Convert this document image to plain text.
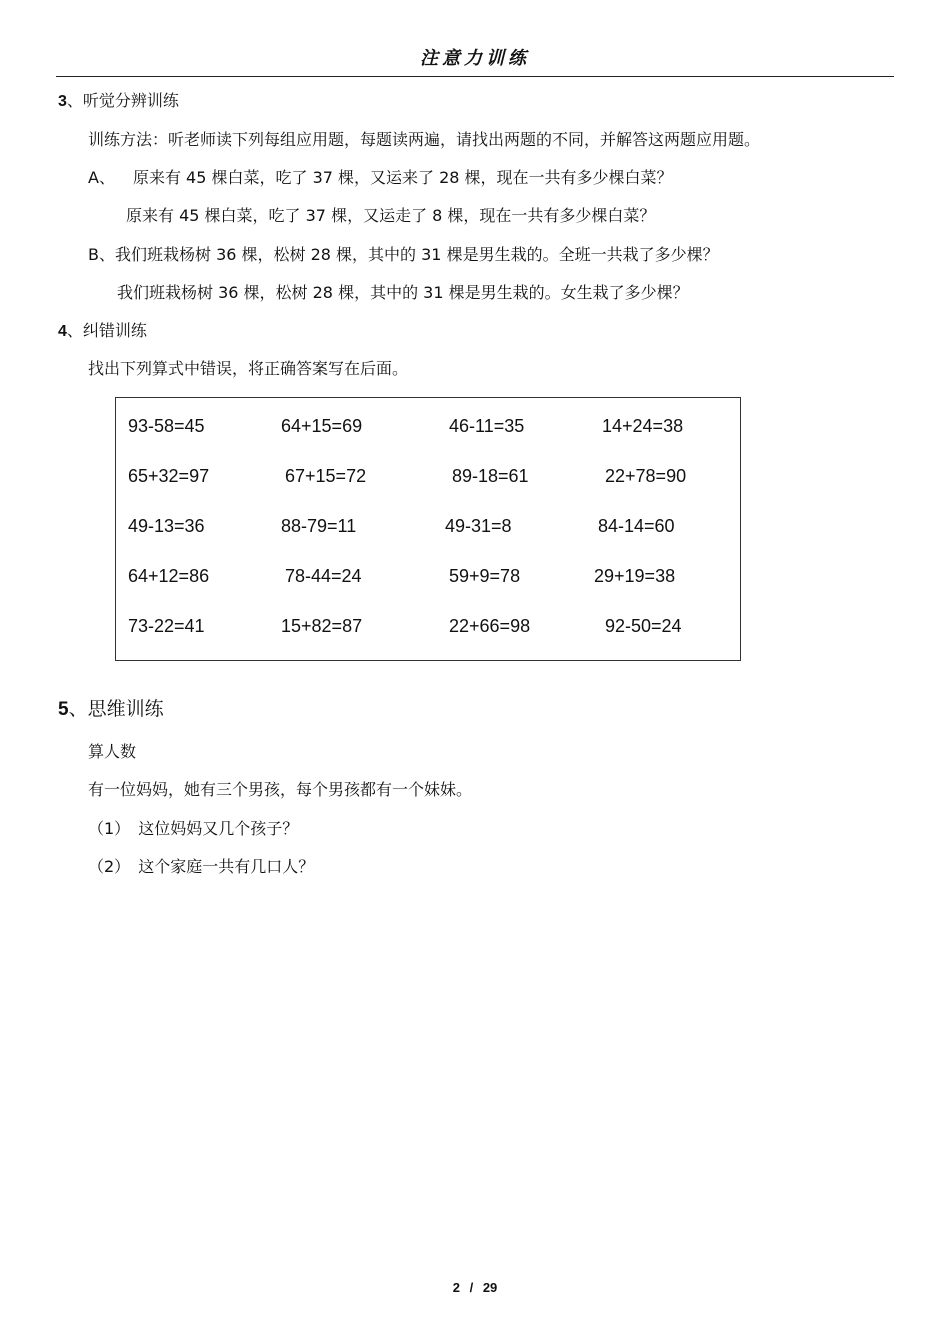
注意力训练
3、听觉分辨训练
训练方法：听老师读下列每组应用题，每题读两遍，请找出两题的不同，并解答这两题应用题。
A、 原来有 45 棵白菜，吃了 37 棵，又运来了 28 棵，现在一共有多少棵白菜？
原来有 45 棵白菜，吃了 37 棵，又运走了 8 棵，现在一共有多少棵白菜？
B、我们班栽杨树 36 棵，松树 28 棵，其中的 31 棵是男生栽的。全班一共栽了多少棵？
我们班栽杨树 36 棵，松树 28 棵，其中的 31 棵是男生栽的。女生栽了多少棵？
4、纠错训练
找出下列算式中错误，将正确答案写在后面。
93-58=45	64+15=69	46-11=35	14+24=38
65+32=97	67+15=72	89-18=61	22+78=90
49-13=36	88-79=11	49-31=8	84-14=60
64+12=86	78-44=24	59+9=78	29+19=38
73-22=41	15+82=87	22+66=98	92-50=24
5、思维训练
算人数
有一位妈妈，她有三个男孩，每个男孩都有一个妹妹。
（1） 这位妈妈又几个孩子？
（2） 这个家庭一共有几口人？
2 / 29
